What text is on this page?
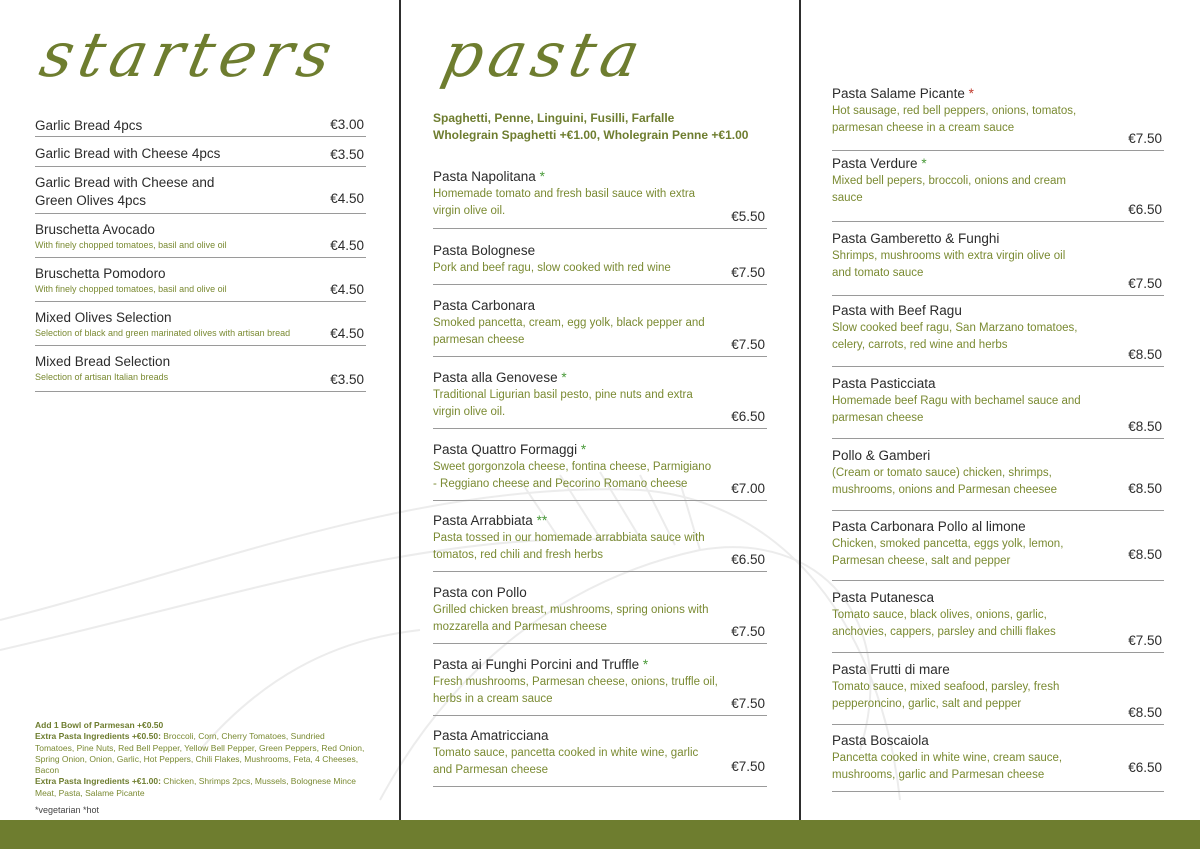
starters
Garlic Bread 4pcs	€3.00
Garlic Bread with Cheese 4pcs	€3.50
Garlic Bread with Cheese and
Green Olives 4pcs	€4.50
Bruschetta Avocado
With finely chopped tomatoes, basil and olive oil	€4.50
Bruschetta Pomodoro
With finely chopped tomatoes, basil and olive oil	€4.50
Mixed Olives Selection
Selection of black and green marinated olives with artisan bread	€4.50
Mixed Bread Selection
Selection of artisan Italian breads	€3.50
pasta
Spaghetti, Penne, Linguini, Fusilli, Farfalle
Wholegrain Spaghetti +€1.00, Wholegrain Penne +€1.00
Pasta Napolitana *
Homemade tomato and fresh basil sauce with extra virgin olive oil.	€5.50
Pasta Bolognese
Pork and beef ragu, slow cooked with red wine	€7.50
Pasta Carbonara
Smoked pancetta, cream, egg yolk, black pepper and parmesan cheese	€7.50
Pasta alla Genovese *
Traditional Ligurian basil pesto, pine nuts and extra virgin olive oil.	€6.50
Pasta Quattro Formaggi *
Sweet gorgonzola cheese, fontina cheese, Parmigiano - Reggiano cheese and Pecorino Romano cheese	€7.00
Pasta Arrabbiata **
Pasta tossed in our homemade arrabbiata sauce with tomatos, red chili and fresh herbs	€6.50
Pasta con Pollo
Grilled chicken breast, mushrooms, spring onions with mozzarella and Parmesan cheese	€7.50
Pasta ai Funghi Porcini and Truffle *
Fresh mushrooms, Parmesan cheese, onions, truffle oil, herbs in a cream sauce	€7.50
Pasta Amatricciana
Tomato sauce, pancetta cooked in white wine, garlic and Parmesan cheese	€7.50
Pasta Salame Picante *
Hot sausage, red bell peppers, onions, tomatos, parmesan cheese in a cream sauce
€7.50
Pasta Verdure *
Mixed bell pepers, broccoli, onions and cream sauce
€6.50
Pasta Gamberetto & Funghi
Shrimps, mushrooms with extra virgin olive oil and tomato sauce
€7.50
Pasta with Beef Ragu
Slow cooked beef ragu, San Marzano tomatoes, celery, carrots, red wine and herbs
€8.50
Pasta Pasticciata
Homemade beef Ragu with bechamel sauce and parmesan cheese
€8.50
Pollo & Gamberi
(Cream or tomato sauce) chicken, shrimps, mushrooms, onions and Parmesan cheesee	€8.50
Pasta Carbonara Pollo al limone
Chicken, smoked pancetta, eggs yolk, lemon, Parmesan cheese, salt and pepper	€8.50
Pasta Putanesca
Tomato sauce, black olives, onions, garlic, anchovies, cappers, parsley and chilli flakes
€7.50
Pasta Frutti di mare
Tomato sauce, mixed seafood, parsley, fresh pepperoncino, garlic, salt and pepper
€8.50
Pasta Boscaiola
Pancetta cooked in white wine, cream sauce, mushrooms, garlic and Parmesan cheese	€6.50
Add 1 Bowl of Parmesan +€0.50
Extra Pasta Ingredients +€0.50: Broccoli, Corn, Cherry Tomatoes, Sundried Tomatoes, Pine Nuts, Red Bell Pepper, Yellow Bell Pepper, Green Peppers, Red Onion, Spring Onion, Onion, Garlic, Hot Peppers, Chili Flakes, Mushrooms, Feta, 4 Cheeses, Bacon
Extra Pasta Ingredients +€1.00: Chicken, Shrimps 2pcs, Mussels, Bolognese Mince Meat, Pasta, Salame Picante
*vegetarian *hot
